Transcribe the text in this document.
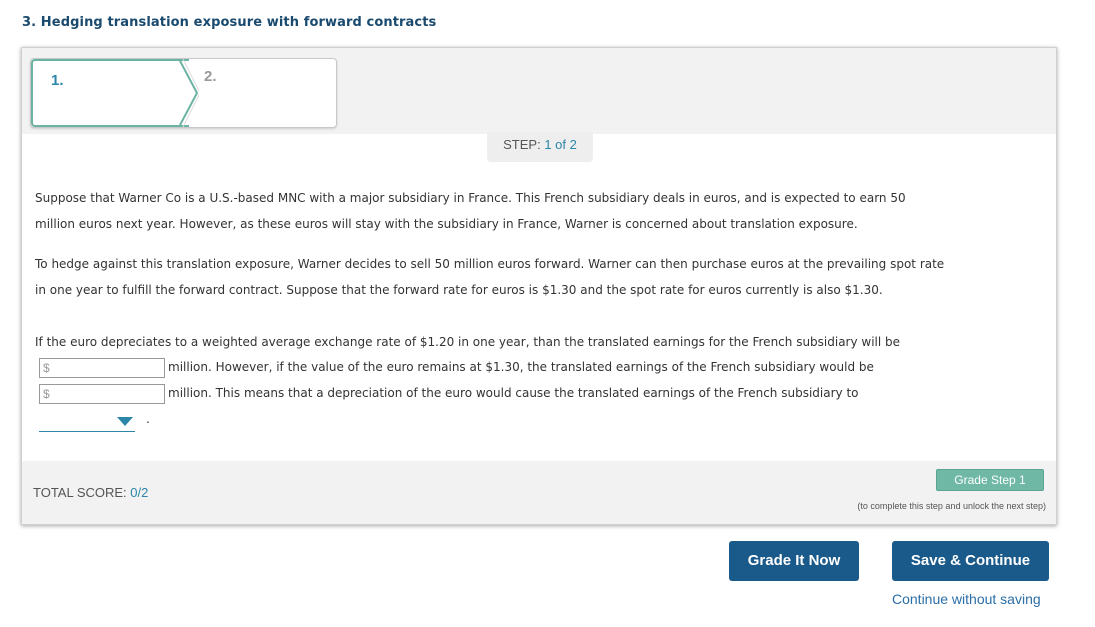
3. Hedging translation exposure with forward contracts
1.	2.
STEP: 1 of 2
Suppose that Warner Co is a U.S.-based MNC with a major subsidiary in France. This French subsidiary deals in euros, and is expected to earn 50
million euros next year. However, as these euros will stay with the subsidiary in France, Warner is concerned about translation exposure.
To hedge against this translation exposure, Warner decides to sell 50 million euros forward. Warner can then purchase euros at the prevailing spot rate
in one year to fulfill the forward contract. Suppose that the forward rate for euros is $1.30 and the spot rate for euros currently is also $1.30.
If the euro depreciates to a weighted average exchange rate of $1.20 in one year, than the translated earnings for the French subsidiary will be
$	million. However, if the value of the euro remains at $1.30, the translated earnings of the French subsidiary would be
$	million. This means that a depreciation of the euro would cause the translated earnings of the French subsidiary to
.
TOTAL SCORE: 0/2
Grade Step 1
(to complete this step and unlock the next step)
Grade It Now	Save & Continue
Continue without saving
